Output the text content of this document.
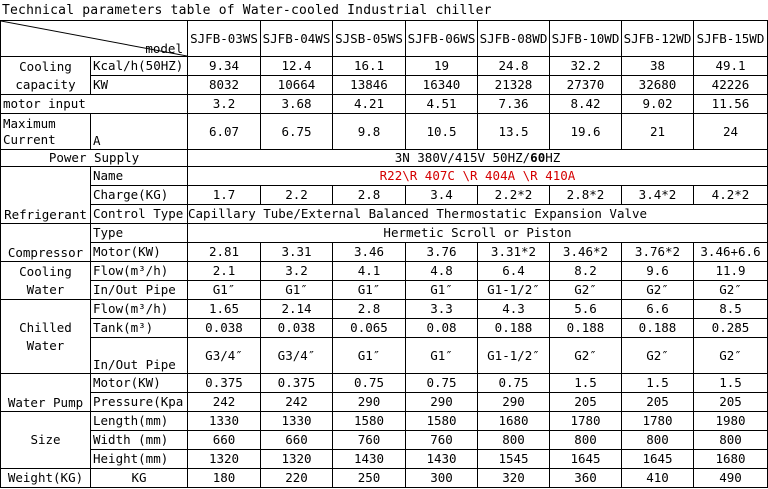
Technical parameters table of Water-cooled Industrial chiller
model		SJFB-03WS	SJFB-04WS	SJSB-05WS	SJFB-06WS	SJFB-08WD	SJFB-10WD	SJFB-12WD	SJFB-15WD

Cooling
capacity	Kcal/h(50HZ)	9.34	12.4	16.1	19	24.8	32.2	38	49.1
	KW	8032	10664	13846	16340	21328	27370	32680	42226
motor input		3.2	3.68	4.21	4.51	7.36	8.42	9.02	11.56

Maximum
Current	A	6.07	6.75	9.8	10.5	13.5	19.6	21	24
Power Supply		3N 380V/415V 50HZ/60HZ							
Refrigerant	Name	R22\R 407C \R 404A \R 410A							
	Charge(KG)	1.7	2.2	2.8	3.4	2.2*2	2.8*2	3.4*2	4.2*2
	Control Type	Capillary Tube/External Balanced Thermostatic Expansion Valve							
Compressor	Type	Hermetic Scroll or Piston							
	Motor(KW)	2.81	3.31	3.46	3.76	3.31*2	3.46*2	3.76*2	3.46+6.6

Cooling
Water	Flow(m³/h)	2.1	3.2	4.1	4.8	6.4	8.2	9.6	11.9
	In/Out Pipe	G1″	G1″	G1″	G1″	G1-1/2″	G2″	G2″	G2″

Chilled
Water	Flow(m³/h)	1.65	2.14	2.8	3.3	4.3	5.6	6.6	8.5
	Tank(m³)	0.038	0.038	0.065	0.08	0.188	0.188	0.188	0.285
	In/Out Pipe	G3/4″	G3/4″	G1″	G1″	G1-1/2″	G2″	G2″	G2″
Water Pump	Motor(KW)	0.375	0.375	0.75	0.75	0.75	1.5	1.5	1.5
	Pressure(Kpa	242	242	290	290	290	205	205	205
Size	Length(mm)	1330	1330	1580	1580	1680	1780	1780	1980
	Width (mm)	660	660	760	760	800	800	800	800
	Height(mm)	1320	1320	1430	1430	1545	1645	1645	1680
Weight(KG)	KG	180	220	250	300	320	360	410	490
